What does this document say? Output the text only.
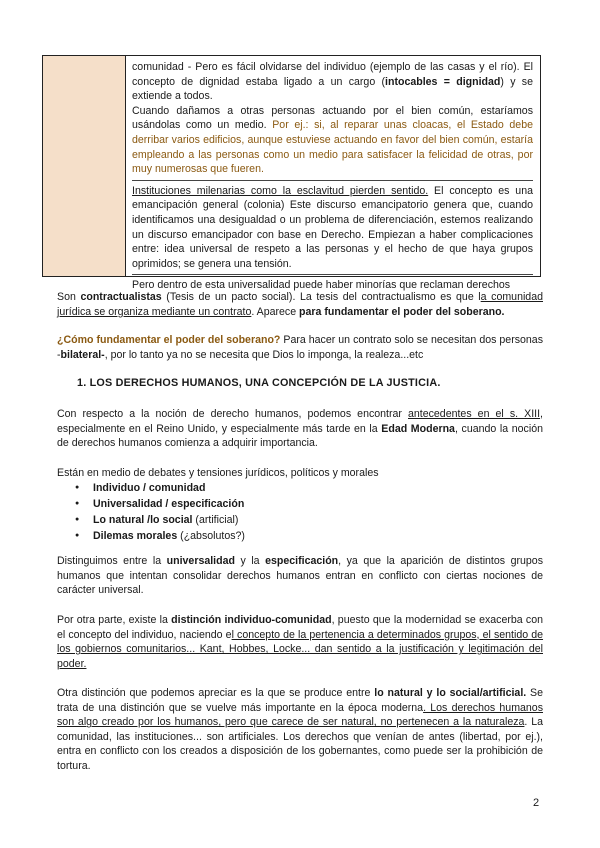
comunidad - Pero es fácil olvidarse del individuo (ejemplo de las casas y el río). El concepto de dignidad estaba ligado a un cargo (intocables = dignidad) y se extiende a todos.

Cuando dañamos a otras personas actuando por el bien común, estaríamos usándolas como un medio. Por ej.: si, al reparar unas cloacas, el Estado debe derribar varios edificios, aunque estuviese actuando en favor del bien común, estaría empleando a las personas como un medio para satisfacer la felicidad de otras, por muy numerosas que fueren.

Instituciones milenarias como la esclavitud pierden sentido. El concepto es una emancipación general (colonia) Este discurso emancipatorio genera que, cuando identificamos una desigualdad o un problema de diferenciación, estemos realizando un discurso emancipador con base en Derecho. Empiezan a haber complicaciones entre: idea universal de respeto a las personas y el hecho de que haya grupos oprimidos; se genera una tensión.

Pero dentro de esta universalidad puede haber minorías que reclaman derechos

Son contractualistas (Tesis de un pacto social). La tesis del contractualismo es que la comunidad jurídica se organiza mediante un contrato. Aparece para fundamentar el poder del soberano.

¿Cómo fundamentar el poder del soberano? Para hacer un contrato solo se necesitan dos personas -bilateral-, por lo tanto ya no se necesita que Dios lo imponga, la realeza...etc

1. LOS DERECHOS HUMANOS, UNA CONCEPCIÓN DE LA JUSTICIA.

Con respecto a la noción de derecho humanos, podemos encontrar antecedentes en el s. XIII, especialmente en el Reino Unido, y especialmente más tarde en la Edad Moderna, cuando la noción de derechos humanos comienza a adquirir importancia.

Están en medio de debates y tensiones jurídicos, políticos y morales

● Individuo / comunidad
● Universalidad / especificación
● Lo natural /lo social (artificial)
● Dilemas morales (¿absolutos?)

Distinguimos entre la universalidad y la especificación, ya que la aparición de distintos grupos humanos que intentan consolidar derechos humanos entran en conflicto con ciertas nociones de carácter universal.

Por otra parte, existe la distinción individuo-comunidad, puesto que la modernidad se exacerba con el concepto del individuo, naciendo el concepto de la pertenencia a determinados grupos, el sentido de los gobiernos comunitarios... Kant, Hobbes, Locke... dan sentido a la justificación y legitimación del poder.

Otra distinción que podemos apreciar es la que se produce entre lo natural y lo social/artificial. Se trata de una distinción que se vuelve más importante en la época moderna. Los derechos humanos son algo creado por los humanos, pero que carece de ser natural, no pertenecen a la naturaleza. La comunidad, las instituciones... son artificiales. Los derechos que venían de antes (libertad, por ej.), entra en conflicto con los creados a disposición de los gobernantes, como puede ser la prohibición de tortura.

2
